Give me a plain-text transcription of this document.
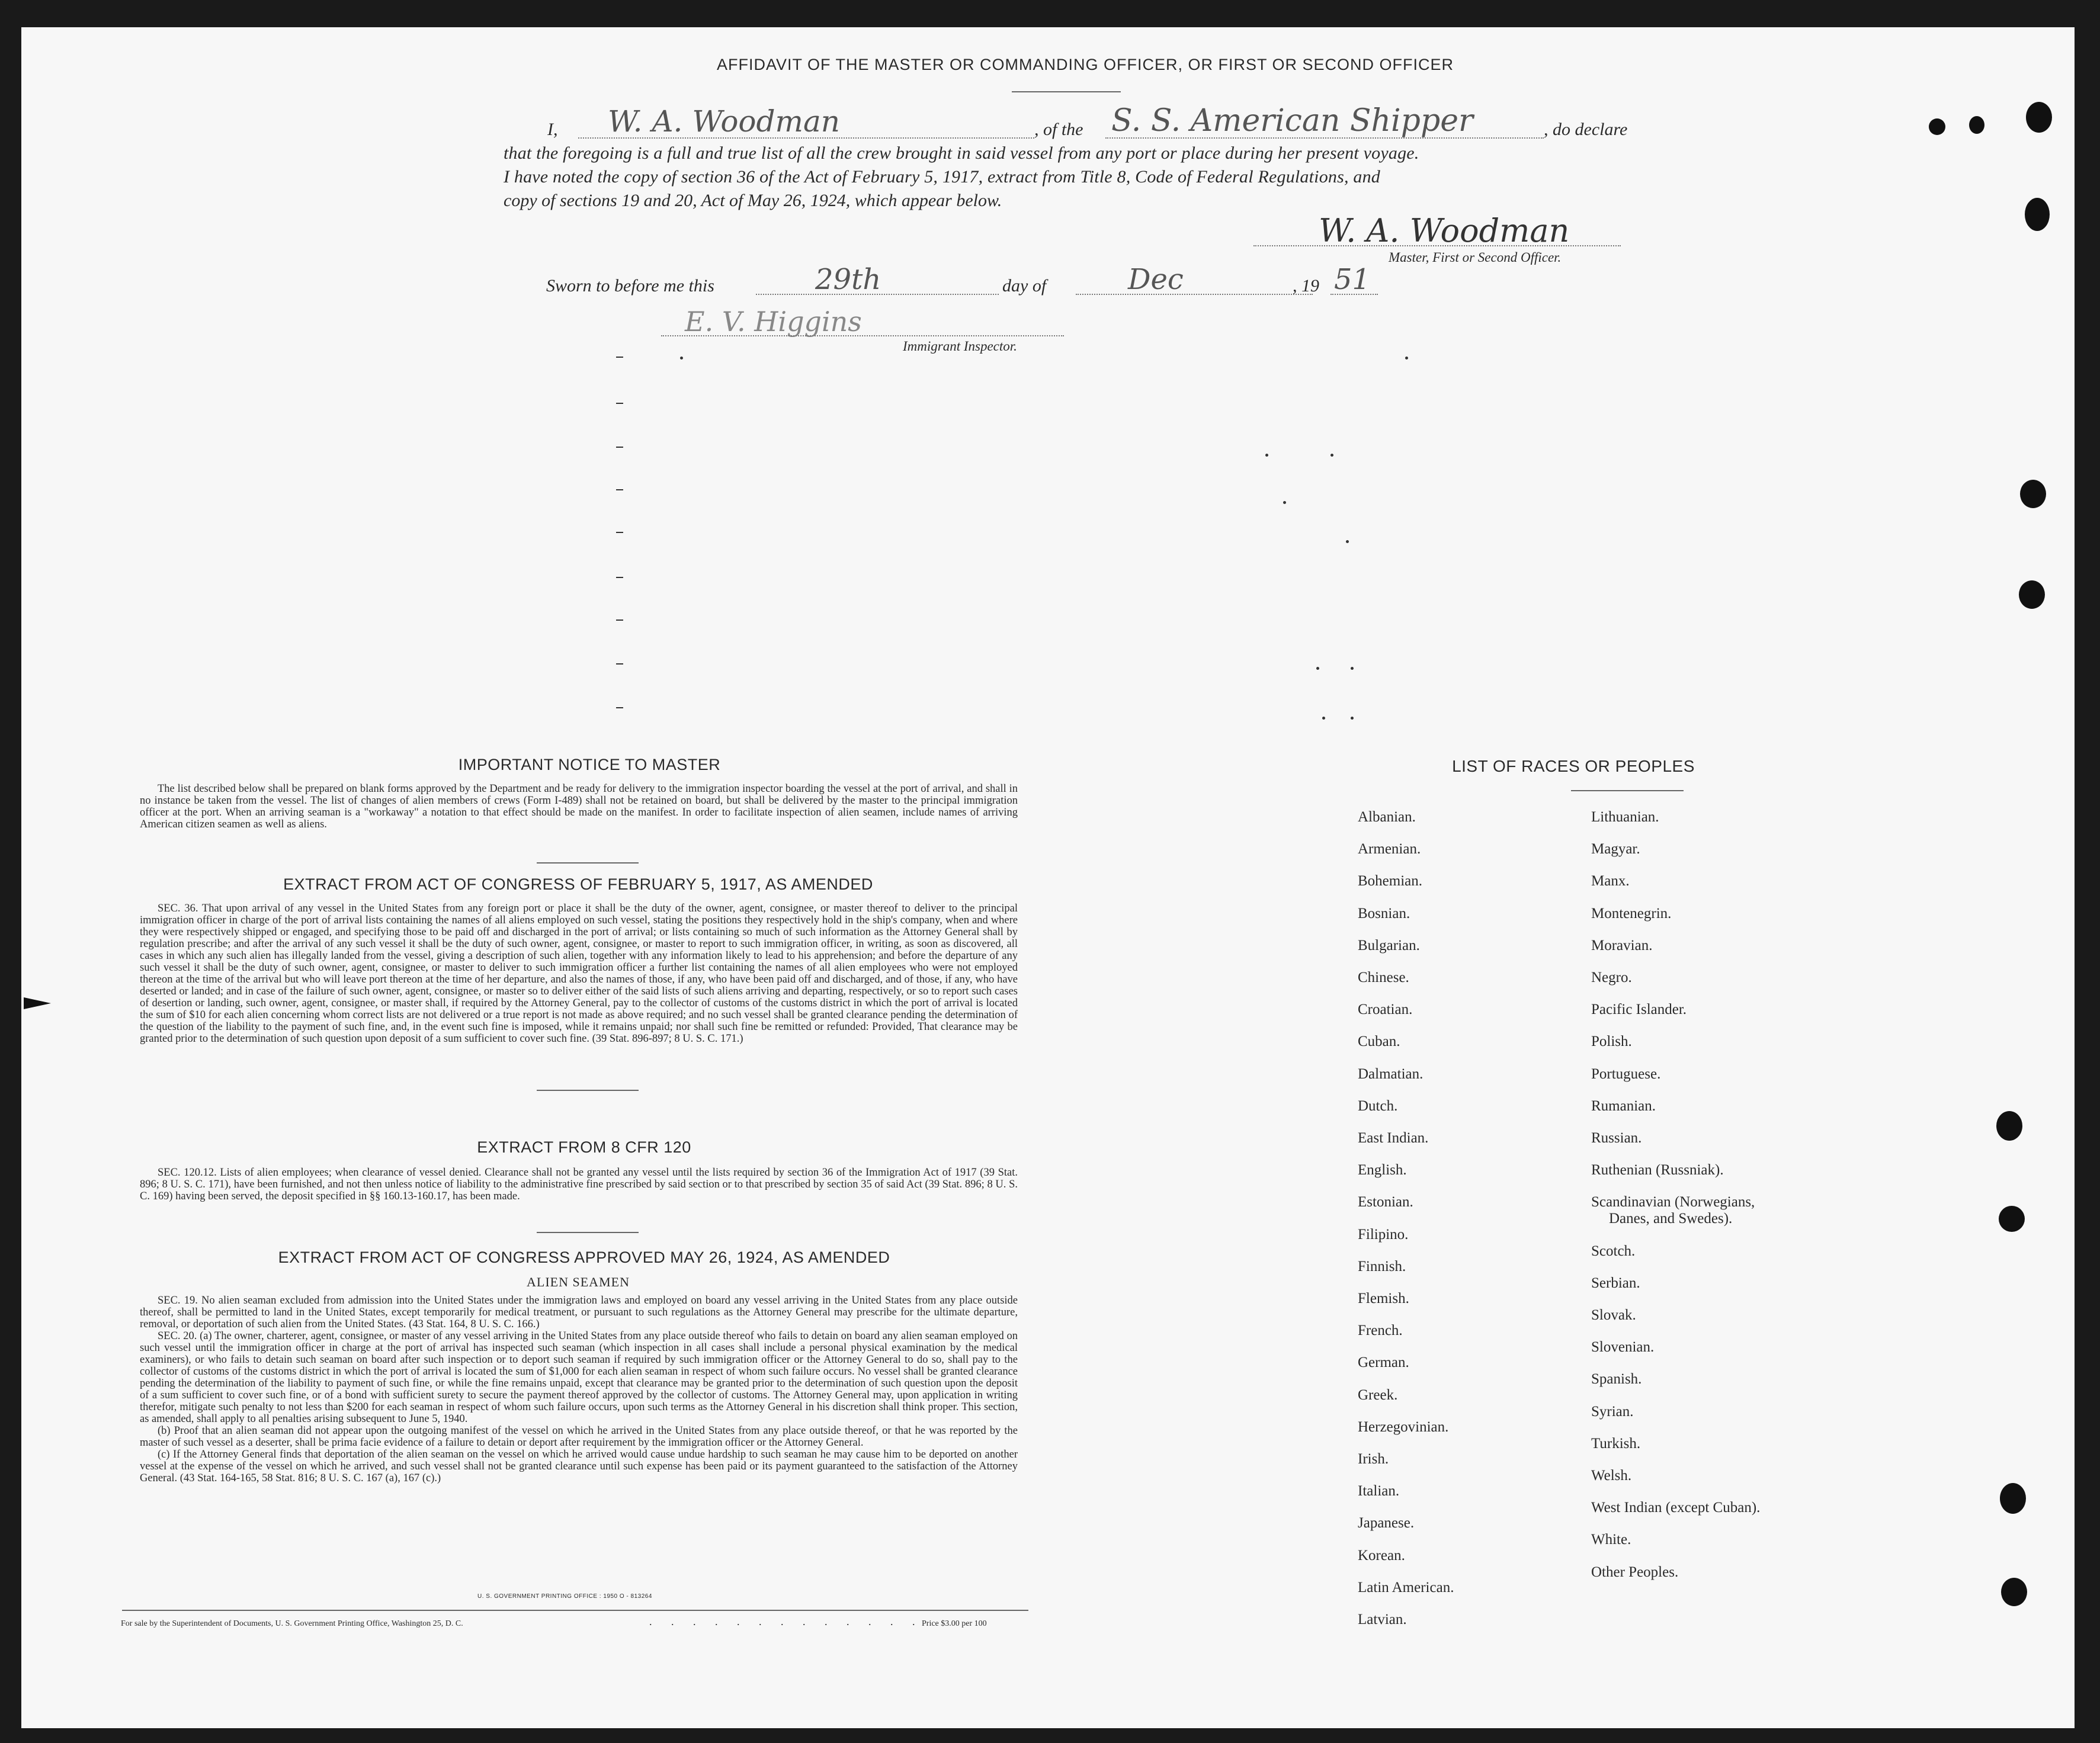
AFFIDAVIT OF THE MASTER OR COMMANDING OFFICER, OR FIRST OR SECOND OFFICER
I, W. A. Woodman	, of the S. S. American Shipper	, do declare
that the foregoing is a full and true list of all the crew brought in said vessel from any port or place during her present voyage.
I have noted the copy of section 36 of the Act of February 5, 1917, extract from Title 8, Code of Federal Regulations, and
copy of sections 19 and 20, Act of May 26, 1924, which appear below.
W. A. Woodman
Master, First or Second Officer.
Sworn to before me this	29th	day of	Dec	, 19 51
E. V. Higgins
Immigrant Inspector.
IMPORTANT NOTICE TO MASTER

The list described below shall be prepared on blank forms approved by the Department and be ready for delivery to the immigration inspector boarding the vessel at the port of arrival, and shall in no instance be taken from the vessel. The list of changes of alien members of crews (Form I-489) shall not be retained on board, but shall be delivered by the master to the principal immigration officer at the port. When an arriving seaman is a "workaway" a notation to that effect should be made on the manifest. In order to facilitate inspection of alien seamen, include names of arriving American citizen seamen as well as aliens.

EXTRACT FROM ACT OF CONGRESS OF FEBRUARY 5, 1917, AS AMENDED

SEC. 36. That upon arrival of any vessel in the United States from any foreign port or place it shall be the duty of the owner, agent, consignee, or master thereof to deliver to the principal immigration officer in charge of the port of arrival lists containing the names of all aliens employed on such vessel, stating the positions they respectively hold in the ship's company, when and where they were respectively shipped or engaged, and specifying those to be paid off and discharged in the port of arrival; or lists containing so much of such information as the Attorney General shall by regulation prescribe; and after the arrival of any such vessel it shall be the duty of such owner, agent, consignee, or master to report to such immigration officer, in writing, as soon as discovered, all cases in which any such alien has illegally landed from the vessel, giving a description of such alien, together with any information likely to lead to his apprehension; and before the departure of any such vessel it shall be the duty of such owner, agent, consignee, or master to deliver to such immigration officer a further list containing the names of all alien employees who were not employed thereon at the time of the arrival but who will leave port thereon at the time of her departure, and also the names of those, if any, who have been paid off and discharged, and of those, if any, who have deserted or landed; and in case of the failure of such owner, agent, consignee, or master so to deliver either of the said lists of such aliens arriving and departing, respectively, or so to report such cases of desertion or landing, such owner, agent, consignee, or master shall, if required by the Attorney General, pay to the collector of customs of the customs district in which the port of arrival is located the sum of $10 for each alien concerning whom correct lists are not delivered or a true report is not made as above required; and no such vessel shall be granted clearance pending the determination of the question of the liability to the payment of such fine, and, in the event such fine is imposed, while it remains unpaid; nor shall such fine be remitted or refunded: Provided, That clearance may be granted prior to the determination of such question upon deposit of a sum sufficient to cover such fine. (39 Stat. 896-897; 8 U. S. C. 171.)

EXTRACT FROM 8 CFR 120

SEC. 120.12. Lists of alien employees; when clearance of vessel denied. Clearance shall not be granted any vessel until the lists required by section 36 of the Immigration Act of 1917 (39 Stat. 896; 8 U. S. C. 171), have been furnished, and not then unless notice of liability to the administrative fine prescribed by said section or to that prescribed by section 35 of said Act (39 Stat. 896; 8 U. S. C. 169) having been served, the deposit specified in §§ 160.13-160.17, has been made.

EXTRACT FROM ACT OF CONGRESS APPROVED MAY 26, 1924, AS AMENDED
ALIEN SEAMEN

SEC. 19. No alien seaman excluded from admission into the United States under the immigration laws and employed on board any vessel arriving in the United States from any place outside thereof, shall be permitted to land in the United States, except temporarily for medical treatment, or pursuant to such regulations as the Attorney General may prescribe for the ultimate departure, removal, or deportation of such alien from the United States. (43 Stat. 164, 8 U. S. C. 166.)

SEC. 20. (a) The owner, charterer, agent, consignee, or master of any vessel arriving in the United States from any place outside thereof who fails to detain on board any alien seaman employed on such vessel until the immigration officer in charge at the port of arrival has inspected such seaman (which inspection in all cases shall include a personal physical examination by the medical examiners), or who fails to detain such seaman on board after such inspection or to deport such seaman if required by such immigration officer or the Attorney General to do so, shall pay to the collector of customs of the customs district in which the port of arrival is located the sum of $1,000 for each alien seaman in respect of whom such failure occurs. No vessel shall be granted clearance pending the determination of the liability to payment of such fine, or while the fine remains unpaid, except that clearance may be granted prior to the determination of such question upon the deposit of a sum sufficient to cover such fine, or of a bond with sufficient surety to secure the payment thereof approved by the collector of customs. The Attorney General may, upon application in writing therefor, mitigate such penalty to not less than $200 for each seaman in respect of whom such failure occurs, upon such terms as the Attorney General in his discretion shall think proper. This section, as amended, shall apply to all penalties arising subsequent to June 5, 1940.

(b) Proof that an alien seaman did not appear upon the outgoing manifest of the vessel on which he arrived in the United States from any place outside thereof, or that he was reported by the master of such vessel as a deserter, shall be prima facie evidence of a failure to detain or deport after requirement by the immigration officer or the Attorney General.

(c) If the Attorney General finds that deportation of the alien seaman on the vessel on which he arrived would cause undue hardship to such seaman he may cause him to be deported on another vessel at the expense of the vessel on which he arrived, and such vessel shall not be granted clearance until such expense has been paid or its payment guaranteed to the satisfaction of the Attorney General. (43 Stat. 164-165, 58 Stat. 816; 8 U. S. C. 167 (a), 167 (c).)

U. S. GOVERNMENT PRINTING OFFICE : 1950 O - 813264
For sale by the Superintendent of Documents, U. S. Government Printing Office, Washington 25, D. C.	. . . . . . . . . . . . .
Price $3.00 per 100
LIST OF RACES OR PEOPLES
Albanian.
Armenian.
Bohemian.
Bosnian.
Bulgarian.
Chinese.
Croatian.
Cuban.
Dalmatian.
Dutch.
East Indian.
English.
Estonian.
Filipino.
Finnish.
Flemish.
French.
German.
Greek.
Herzegovinian.
Irish.
Italian.
Japanese.
Korean.
Latin American.
Latvian.
Lithuanian.
Magyar.
Manx.
Montenegrin.
Moravian.
Negro.
Pacific Islander.
Polish.
Portuguese.
Rumanian.
Russian.
Ruthenian (Russniak).
Scandinavian (Norwegians,
Danes, and Swedes).
Scotch.
Serbian.
Slovak.
Slovenian.
Spanish.
Syrian.
Turkish.
Welsh.
West Indian (except Cuban).
White.
Other Peoples.
